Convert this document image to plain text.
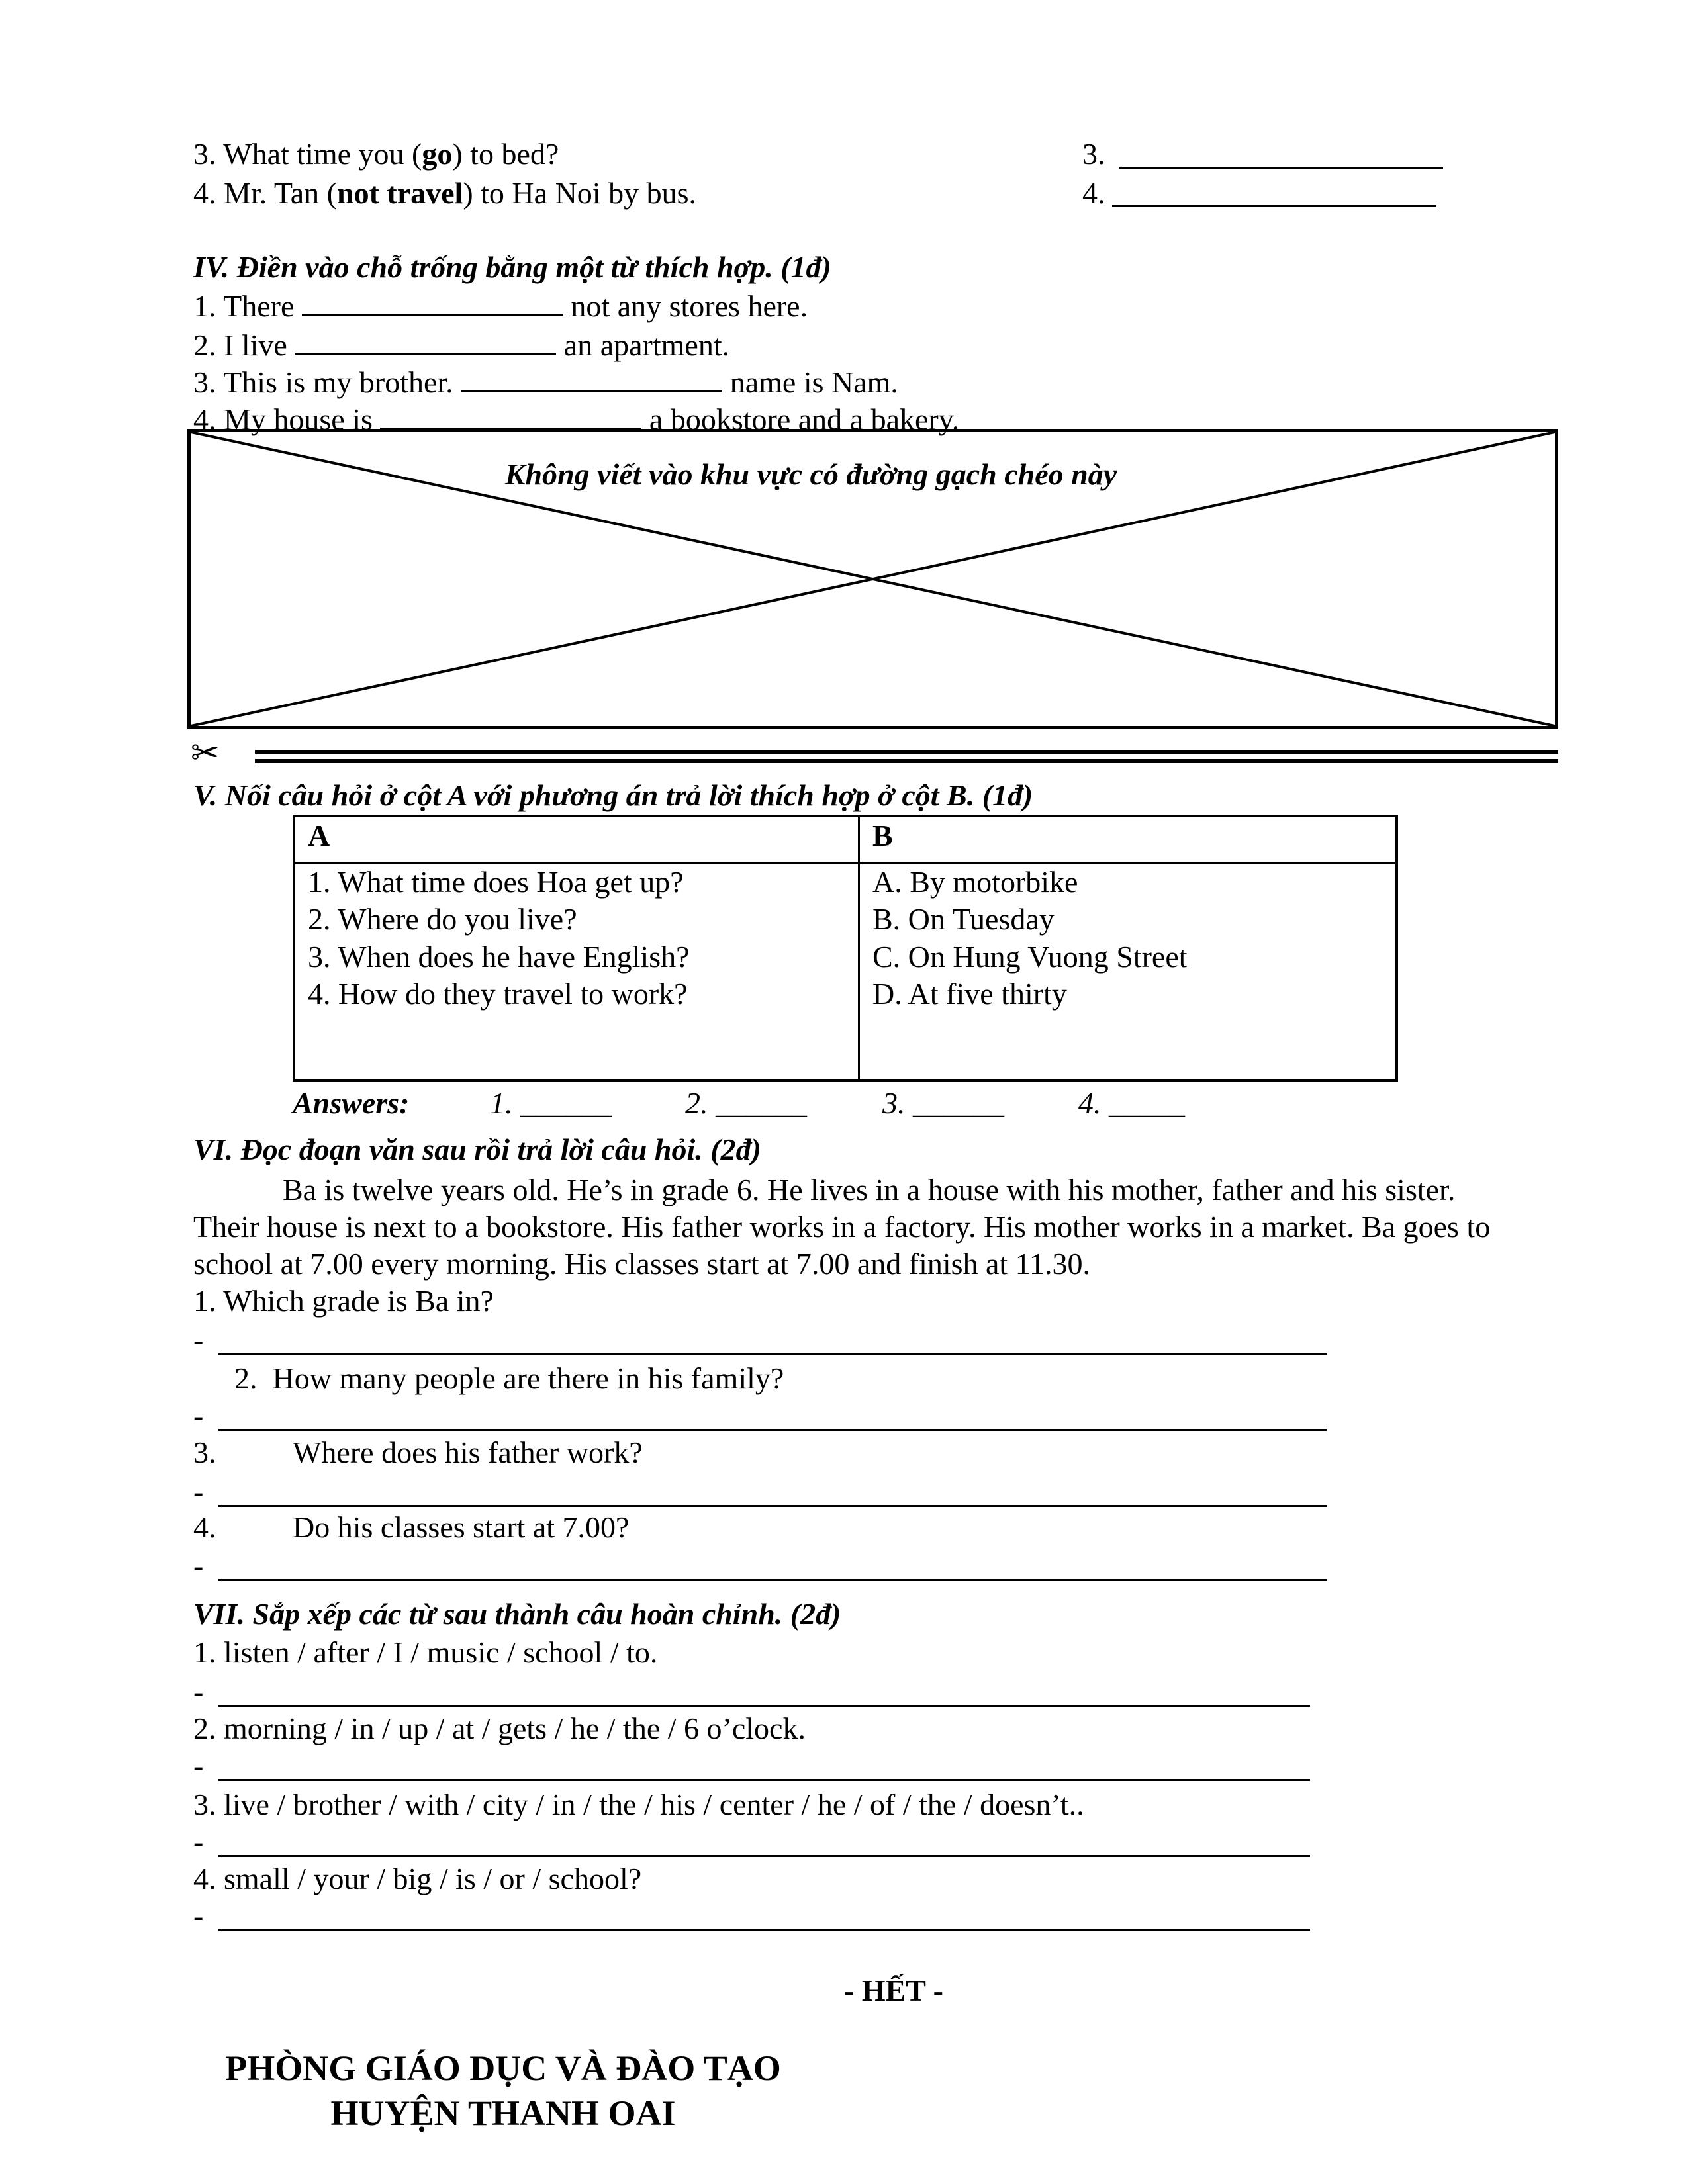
3. What time you (go) to bed?
4. Mr. Tan (not travel) to Ha Noi by bus.
3.
4.
IV. Điền vào chỗ trống bằng một từ thích hợp. (1đ)
1. There	not any stores here.
2. I live	an apartment.
3. This is my brother.	name is Nam.
4. My house is	a bookstore and a bakery.
Không viết vào khu vực có đường gạch chéo này
✂
V. Nối câu hỏi ở cột A với phương án trả lời thích hợp ở cột B. (1đ)
A	B
1. What time does Hoa get up?
2. Where do you live?
3. When does he have English?
4. How do they travel to work?
A. By motorbike
B. On Tuesday
C. On Hung Vuong Street
D. At five thirty
Answers:	1. ______ 2. ______ 3. ______ 4. _____
VI. Đọc đoạn văn sau rồi trả lời câu hỏi. (2đ)
Ba is twelve years old. He’s in grade 6. He lives in a house with his mother, father and his sister.
Their house is next to a bookstore. His father works in a factory. His mother works in a market. Ba goes to
school at 7.00 every morning. His classes start at 7.00 and finish at 11.30.
1. Which grade is Ba in?
-
2.  How many people are there in his family?
-
3.	Where does his father work?
-
4.	Do his classes start at 7.00?
-
VII. Sắp xếp các từ sau thành câu hoàn chỉnh. (2đ)
1. listen / after / I / music / school / to.
-
2. morning / in / up / at / gets / he / the / 6 o’clock.
-
3. live / brother / with / city / in / the / his / center / he / of / the / doesn’t..
-
4. small / your / big / is / or / school?
-
- HẾT -
PHÒNG GIÁO DỤC VÀ ĐÀO TẠO
HUYỆN THANH OAI
